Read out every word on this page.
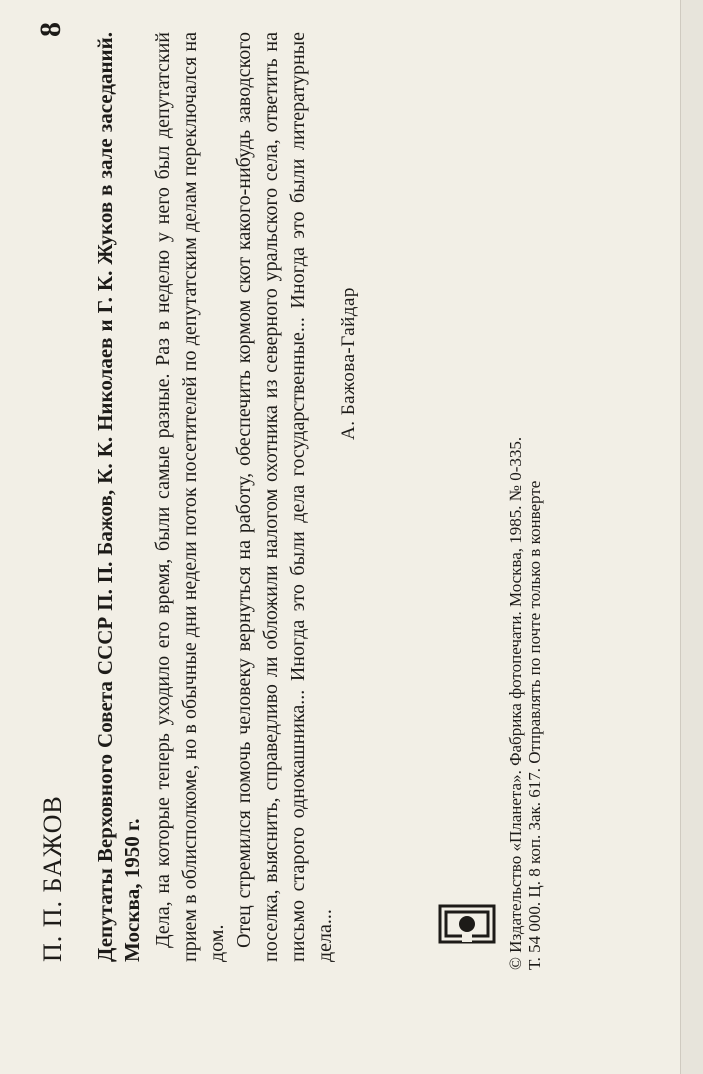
П. П. БАЖОВ
8
Депутаты Верховного Совета СССР П. П. Бажов, К. К. Николаев и Г. К. Жуков в зале заседаний. Москва, 1950 г. Дела, на которые теперь уходило его время, были самые разные. Раз в неделю у него был депутатский прием в облисполкоме, но в обычные дни недели поток посетителей по депутатским делам переключался на дом. Отец стремился помочь человеку вернуться на работу, обеспечить кормом скот какого-нибудь заводского поселка, выяснить, справедливо ли обложили налогом охотника из северного уральского села, ответить на письмо старого однокашника... Иногда это были дела государственные... Иногда это были литературные дела...

А. Бажова-Гайдар
© Издательство «Планета». Фабрика фотопечати. Москва, 1985. № 0-335. Т. 54 000. Ц. 8 коп. Зак. 617. Отправлять по почте только в конверте
